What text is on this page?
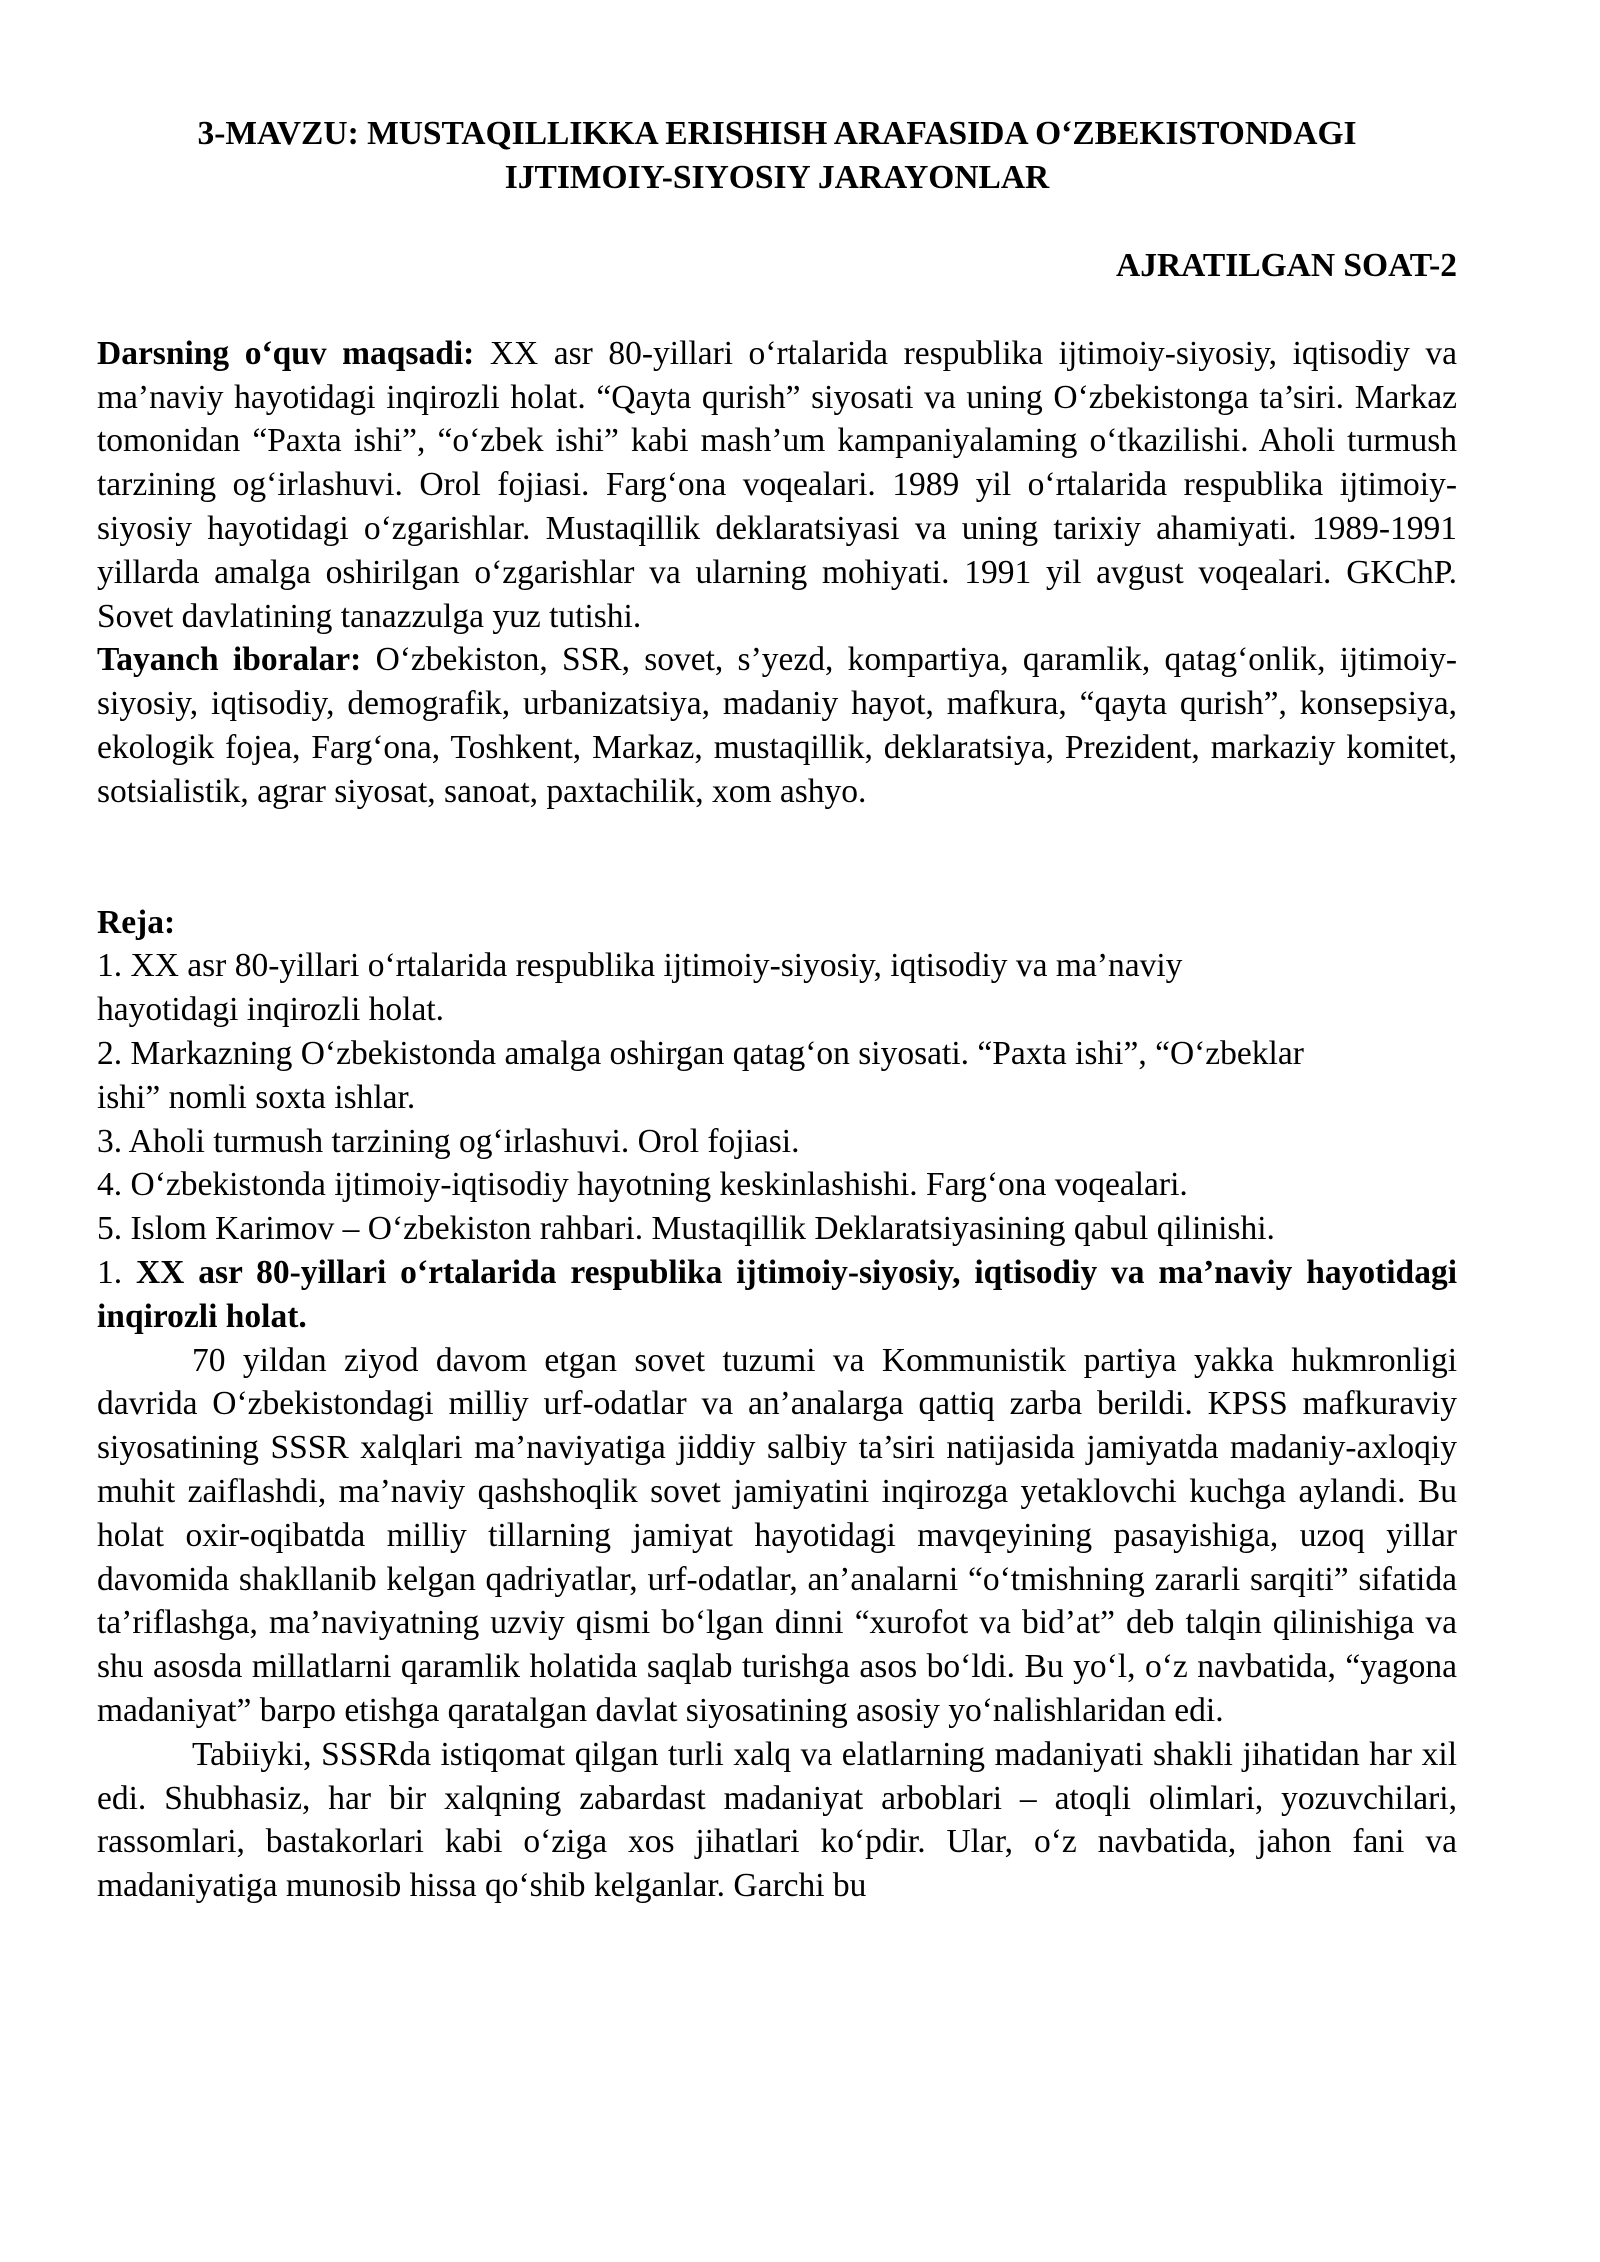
3-MAVZU: MUSTAQILLIKKA ERISHISH ARAFASIDA O‘ZBEKISTONDAGI
IJTIMOIY-SIYOSIY JARAYONLAR

AJRATILGAN SOAT-2

Darsning o‘quv maqsadi: XX asr 80-yillari o‘rtalarida respublika ijtimoiy-siyosiy, iqtisodiy va ma’naviy hayotidagi inqirozli holat. “Qayta qurish” siyosati va uning O‘zbekistonga ta’siri. Markaz tomonidan “Paxta ishi”, “o‘zbek ishi” kabi mash’um kampaniyalaming o‘tkazilishi. Aholi turmush tarzining og‘irlashuvi. Orol fojiasi. Farg‘ona voqealari. 1989 yil o‘rtalarida respublika ijtimoiy-siyosiy hayotidagi o‘zgarishlar. Mustaqillik deklaratsiyasi va uning tarixiy ahamiyati. 1989-1991 yillarda amalga oshirilgan o‘zgarishlar va ularning mohiyati. 1991 yil avgust voqealari. GKChP. Sovet davlatining tanazzulga yuz tutishi.

Tayanch iboralar: O‘zbekiston, SSR, sovet, s’yezd, kompartiya, qaramlik, qatag‘onlik, ijtimoiy-siyosiy, iqtisodiy, demografik, urbanizatsiya, madaniy hayot, mafkura, “qayta qurish”, konsepsiya, ekologik fojea, Farg‘ona, Toshkent, Markaz, mustaqillik, deklaratsiya, Prezident, markaziy komitet, sotsialistik, agrar siyosat, sanoat, paxtachilik, xom ashyo.

Reja:

1. XX asr 80-yillari o‘rtalarida respublika ijtimoiy-siyosiy, iqtisodiy va ma’naviy hayotidagi inqirozli holat.
2. Markazning O‘zbekistonda amalga oshirgan qatag‘on siyosati. “Paxta ishi”, “O‘zbeklar ishi” nomli soxta ishlar.
3. Aholi turmush tarzining og‘irlashuvi. Orol fojiasi.
4. O‘zbekistonda ijtimoiy-iqtisodiy hayotning keskinlashishi. Farg‘ona voqealari.
5. Islom Karimov – O‘zbekiston rahbari. Mustaqillik Deklaratsiyasining qabul qilinishi.

1. XX asr 80-yillari o‘rtalarida respublika ijtimoiy-siyosiy, iqtisodiy va ma’naviy hayotidagi inqirozli holat.

70 yildan ziyod davom etgan sovet tuzumi va Kommunistik partiya yakka hukmronligi davrida O‘zbekistondagi milliy urf-odatlar va an’analarga qattiq zarba berildi. KPSS mafkuraviy siyosatining SSSR xalqlari ma’naviyatiga jiddiy salbiy ta’siri natijasida jamiyatda madaniy-axloqiy muhit zaiflashdi, ma’naviy qashshoqlik sovet jamiyatini inqirozga yetaklovchi kuchga aylandi. Bu holat oxir-oqibatda milliy tillarning jamiyat hayotidagi mavqeyining pasayishiga, uzoq yillar davomida shakllanib kelgan qadriyatlar, urf-odatlar, an’analarni “o‘tmishning zararli sarqiti” sifatida ta’riflashga, ma’naviyatning uzviy qismi bo‘lgan dinni “xurofot va bid’at” deb talqin qilinishiga va shu asosda millatlarni qaramlik holatida saqlab turishga asos bo‘ldi. Bu yo‘l, o‘z navbatida, “yagona madaniyat” barpo etishga qaratalgan davlat siyosatining asosiy yo‘nalishlaridan edi.

Tabiiyki, SSSRda istiqomat qilgan turli xalq va elatlarning madaniyati shakli jihatidan har xil edi. Shubhasiz, har bir xalqning zabardast madaniyat arboblari – atoqli olimlari, yozuvchilari, rassomlari, bastakorlari kabi o‘ziga xos jihatlari ko‘pdir. Ular, o‘z navbatida, jahon fani va madaniyatiga munosib hissa qo‘shib kelganlar. Garchi bu
